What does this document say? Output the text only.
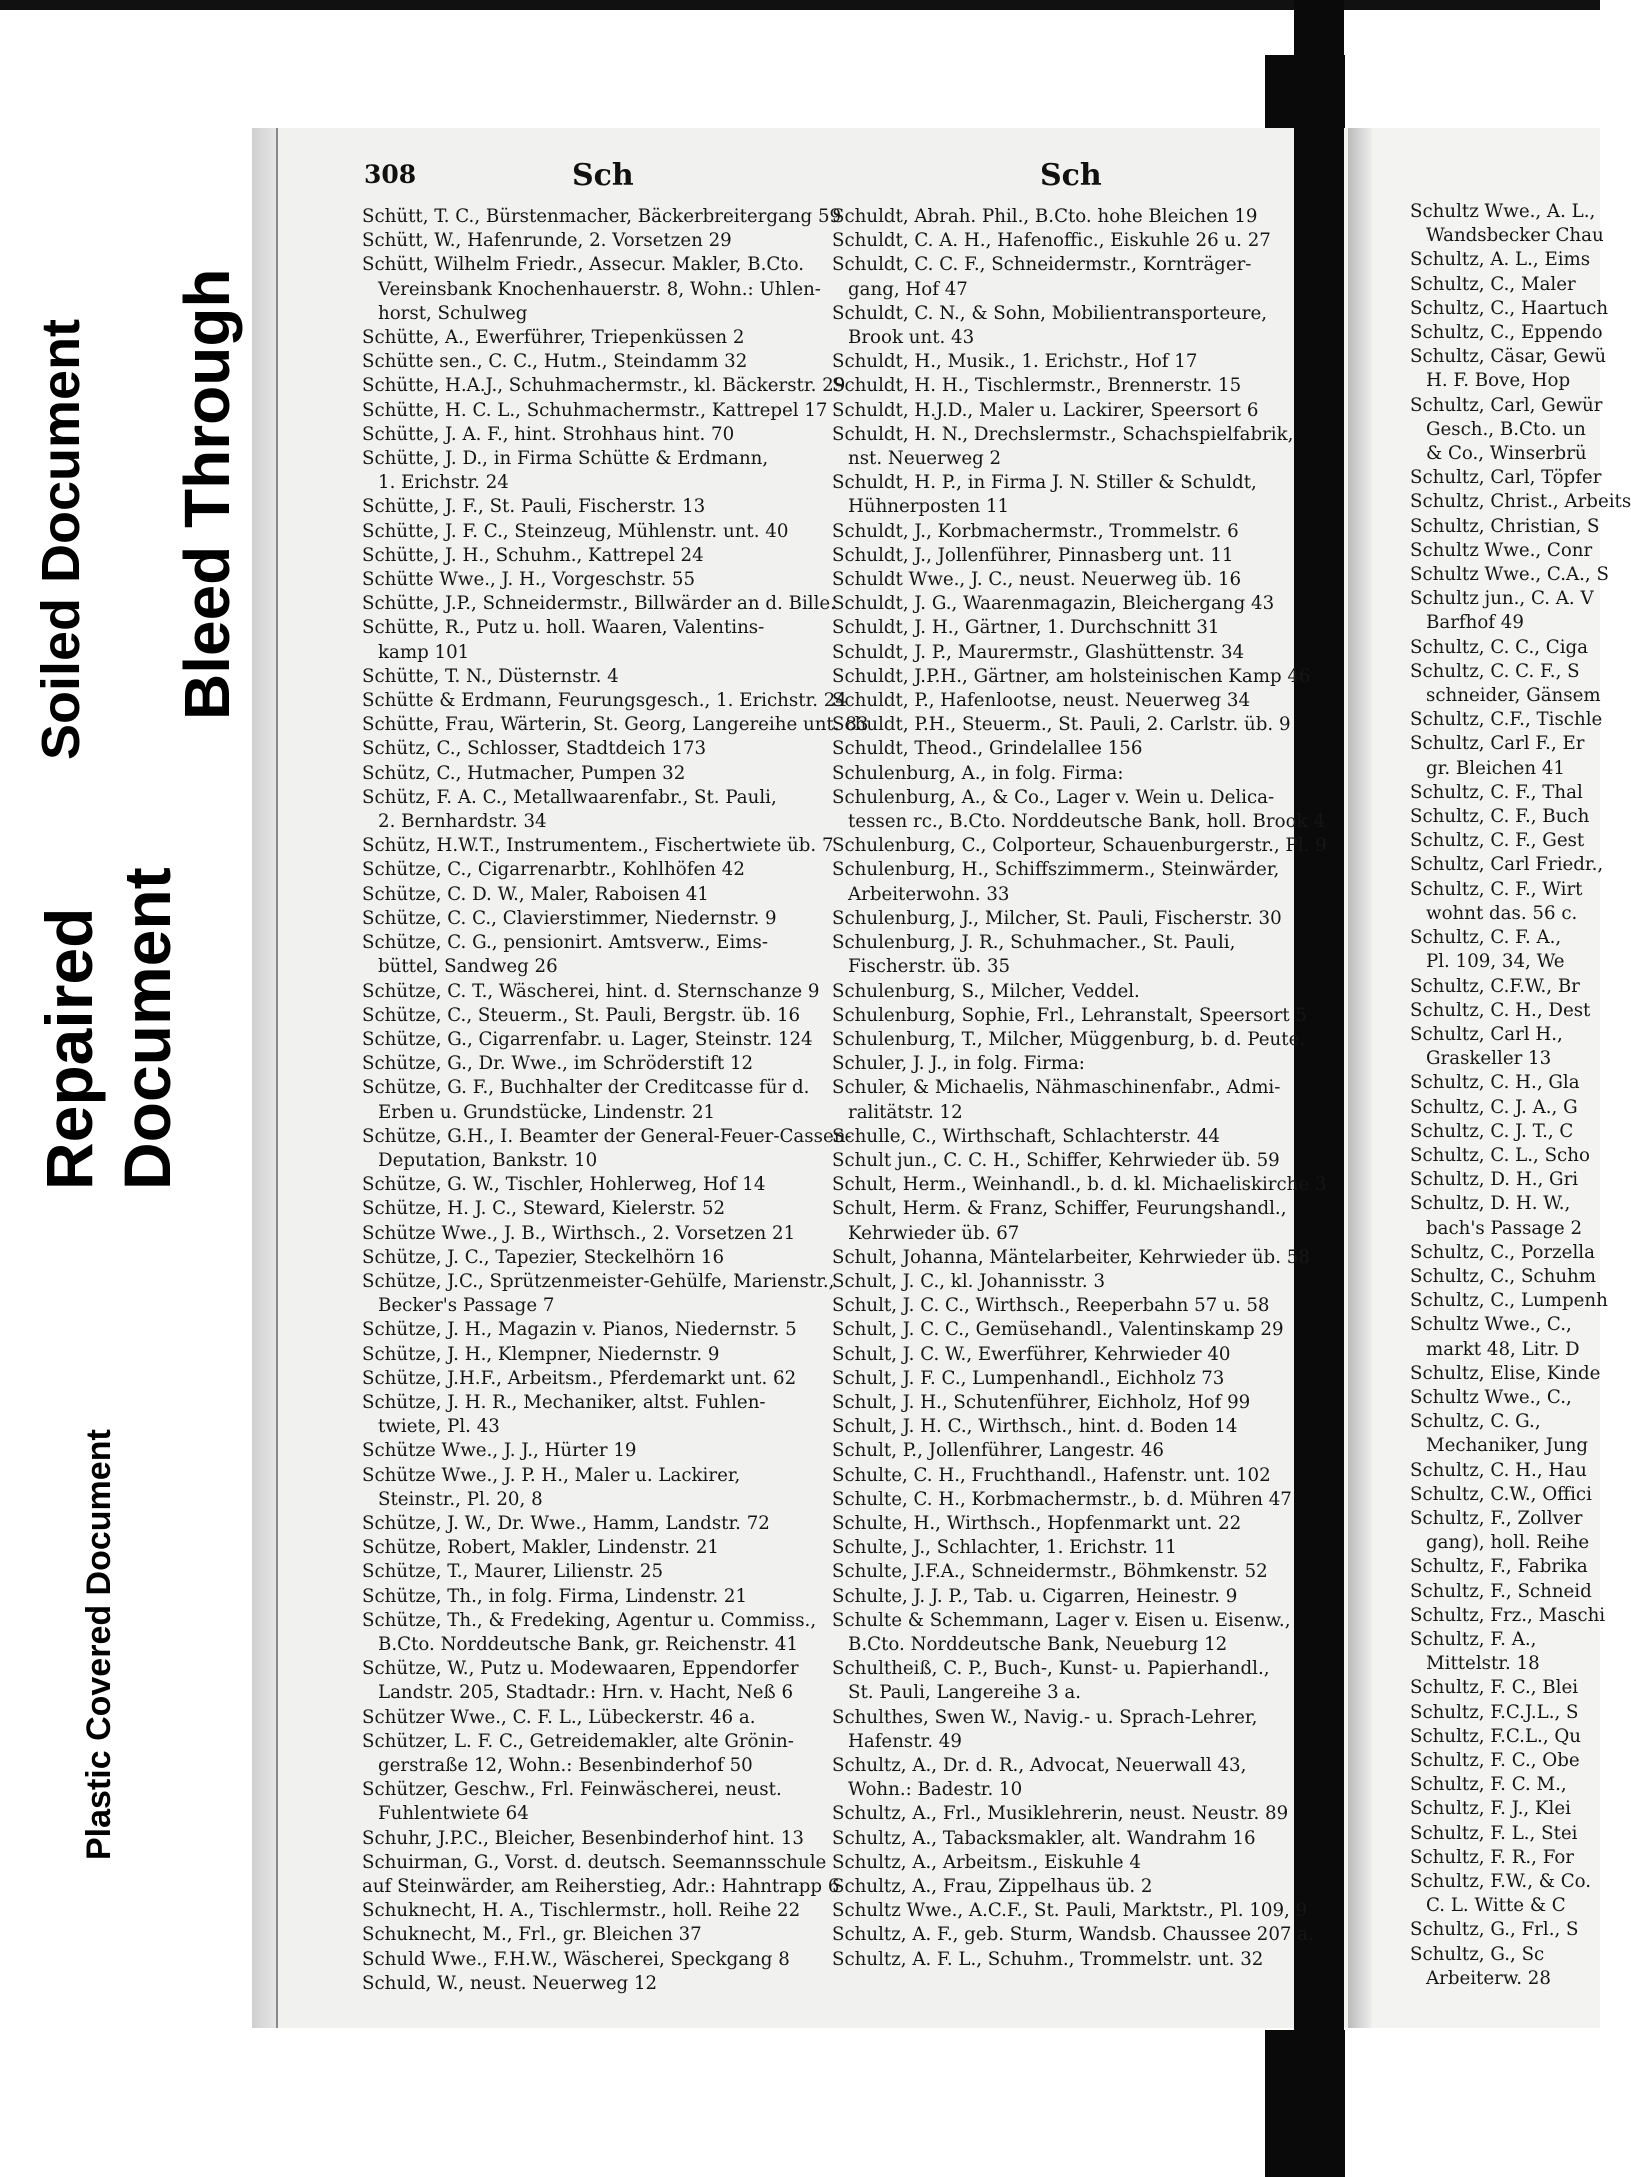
Soiled Document Bleed Through
Repaired Document
Plastic Covered Document
308	Sch	Sch
Schütt, T. C., Bürstenmacher, Bäckerbreitergang 59
Schütt, W., Hafenrunde, 2. Vorsetzen 29
Schütt, Wilhelm Friedr., Assecur. Makler, B.Cto.
Vereinsbank Knochenhauerstr. 8, Wohn.: Uhlen-
horst, Schulweg
Schütte, A., Ewerführer, Triepenküssen 2
Schütte sen., C. C., Hutm., Steindamm 32
Schütte, H.A.J., Schuhmachermstr., kl. Bäckerstr. 29
Schütte, H. C. L., Schuhmachermstr., Kattrepel 17
Schütte, J. A. F., hint. Strohhaus hint. 70
Schütte, J. D., in Firma Schütte & Erdmann,
1. Erichstr. 24
Schütte, J. F., St. Pauli, Fischerstr. 13
Schütte, J. F. C., Steinzeug, Mühlenstr. unt. 40
Schütte, J. H., Schuhm., Kattrepel 24
Schütte Wwe., J. H., Vorgeschstr. 55
Schütte, J.P., Schneidermstr., Billwärder an d. Bille.
Schütte, R., Putz u. holl. Waaren, Valentins-
kamp 101
Schütte, T. N., Düsternstr. 4
Schütte & Erdmann, Feurungsgesch., 1. Erichstr. 24
Schütte, Frau, Wärterin, St. Georg, Langereihe unt. 83
Schütz, C., Schlosser, Stadtdeich 173
Schütz, C., Hutmacher, Pumpen 32
Schütz, F. A. C., Metallwaarenfabr., St. Pauli,
2. Bernhardstr. 34
Schütz, H.W.T., Instrumentem., Fischertwiete üb. 7
Schütze, C., Cigarrenarbtr., Kohlhöfen 42
Schütze, C. D. W., Maler, Raboisen 41
Schütze, C. C., Clavierstimmer, Niedernstr. 9
Schütze, C. G., pensionirt. Amtsverw., Eims-
büttel, Sandweg 26
Schütze, C. T., Wäscherei, hint. d. Sternschanze 9
Schütze, C., Steuerm., St. Pauli, Bergstr. üb. 16
Schütze, G., Cigarrenfabr. u. Lager, Steinstr. 124
Schütze, G., Dr. Wwe., im Schröderstift 12
Schütze, G. F., Buchhalter der Creditcasse für d.
Erben u. Grundstücke, Lindenstr. 21
Schütze, G.H., I. Beamter der General-Feuer-Cassen-
Deputation, Bankstr. 10
Schütze, G. W., Tischler, Hohlerweg, Hof 14
Schütze, H. J. C., Steward, Kielerstr. 52
Schütze Wwe., J. B., Wirthsch., 2. Vorsetzen 21
Schütze, J. C., Tapezier, Steckelhörn 16
Schütze, J.C., Sprützenmeister-Gehülfe, Marienstr.,
Becker's Passage 7
Schütze, J. H., Magazin v. Pianos, Niedernstr. 5
Schütze, J. H., Klempner, Niedernstr. 9
Schütze, J.H.F., Arbeitsm., Pferdemarkt unt. 62
Schütze, J. H. R., Mechaniker, altst. Fuhlen-
twiete, Pl. 43
Schütze Wwe., J. J., Hürter 19
Schütze Wwe., J. P. H., Maler u. Lackirer,
Steinstr., Pl. 20, 8
Schütze, J. W., Dr. Wwe., Hamm, Landstr. 72
Schütze, Robert, Makler, Lindenstr. 21
Schütze, T., Maurer, Lilienstr. 25
Schütze, Th., in folg. Firma, Lindenstr. 21
Schütze, Th., & Fredeking, Agentur u. Commiss.,
B.Cto. Norddeutsche Bank, gr. Reichenstr. 41
Schütze, W., Putz u. Modewaaren, Eppendorfer
Landstr. 205, Stadtadr.: Hrn. v. Hacht, Neß 6
Schützer Wwe., C. F. L., Lübeckerstr. 46 a.
Schützer, L. F. C., Getreidemakler, alte Grönin-
gerstraße 12, Wohn.: Besenbinderhof 50
Schützer, Geschw., Frl. Feinwäscherei, neust.
Fuhlentwiete 64
Schuhr, J.P.C., Bleicher, Besenbinderhof hint. 13
Schuirman, G., Vorst. d. deutsch. Seemannsschule
auf Steinwärder, am Reiherstieg, Adr.: Hahntrapp 6
Schuknecht, H. A., Tischlermstr., holl. Reihe 22
Schuknecht, M., Frl., gr. Bleichen 37
Schuld Wwe., F.H.W., Wäscherei, Speckgang 8
Schuld, W., neust. Neuerweg 12
Schuldt, Abrah. Phil., B.Cto. hohe Bleichen 19
Schuldt, C. A. H., Hafenoffic., Eiskuhle 26 u. 27
Schuldt, C. C. F., Schneidermstr., Kornträger-
gang, Hof 47
Schuldt, C. N., & Sohn, Mobilientransporteure,
Brook unt. 43
Schuldt, H., Musik., 1. Erichstr., Hof 17
Schuldt, H. H., Tischlermstr., Brennerstr. 15
Schuldt, H.J.D., Maler u. Lackirer, Speersort 6
Schuldt, H. N., Drechslermstr., Schachspielfabrik,
nst. Neuerweg 2
Schuldt, H. P., in Firma J. N. Stiller & Schuldt,
Hühnerposten 11
Schuldt, J., Korbmachermstr., Trommelstr. 6
Schuldt, J., Jollenführer, Pinnasberg unt. 11
Schuldt Wwe., J. C., neust. Neuerweg üb. 16
Schuldt, J. G., Waarenmagazin, Bleichergang 43
Schuldt, J. H., Gärtner, 1. Durchschnitt 31
Schuldt, J. P., Maurermstr., Glashüttenstr. 34
Schuldt, J.P.H., Gärtner, am holsteinischen Kamp 46
Schuldt, P., Hafenlootse, neust. Neuerweg 34
Schuldt, P.H., Steuerm., St. Pauli, 2. Carlstr. üb. 9
Schuldt, Theod., Grindelallee 156
Schulenburg, A., in folg. Firma:
Schulenburg, A., & Co., Lager v. Wein u. Delica-
tessen rc., B.Cto. Norddeutsche Bank, holl. Brook 4
Schulenburg, C., Colporteur, Schauenburgerstr., Pl. 9
Schulenburg, H., Schiffszimmerm., Steinwärder,
Arbeiterwohn. 33
Schulenburg, J., Milcher, St. Pauli, Fischerstr. 30
Schulenburg, J. R., Schuhmacher., St. Pauli,
Fischerstr. üb. 35
Schulenburg, S., Milcher, Veddel.
Schulenburg, Sophie, Frl., Lehranstalt, Speersort 5
Schulenburg, T., Milcher, Müggenburg, b. d. Peute.
Schuler, J. J., in folg. Firma:
Schuler, & Michaelis, Nähmaschinenfabr., Admi-
ralitätstr. 12
Schulle, C., Wirthschaft, Schlachterstr. 44
Schult jun., C. C. H., Schiffer, Kehrwieder üb. 59
Schult, Herm., Weinhandl., b. d. kl. Michaeliskirche 3
Schult, Herm. & Franz, Schiffer, Feurungshandl.,
Kehrwieder üb. 67
Schult, Johanna, Mäntelarbeiter, Kehrwieder üb. 58
Schult, J. C., kl. Johannisstr. 3
Schult, J. C. C., Wirthsch., Reeperbahn 57 u. 58
Schult, J. C. C., Gemüsehandl., Valentinskamp 29
Schult, J. C. W., Ewerführer, Kehrwieder 40
Schult, J. F. C., Lumpenhandl., Eichholz 73
Schult, J. H., Schutenführer, Eichholz, Hof 99
Schult, J. H. C., Wirthsch., hint. d. Boden 14
Schult, P., Jollenführer, Langestr. 46
Schulte, C. H., Fruchthandl., Hafenstr. unt. 102
Schulte, C. H., Korbmachermstr., b. d. Mühren 47
Schulte, H., Wirthsch., Hopfenmarkt unt. 22
Schulte, J., Schlachter, 1. Erichstr. 11
Schulte, J.F.A., Schneidermstr., Böhmkenstr. 52
Schulte, J. J. P., Tab. u. Cigarren, Heinestr. 9
Schulte & Schemmann, Lager v. Eisen u. Eisenw.,
B.Cto. Norddeutsche Bank, Neueburg 12
Schultheiß, C. P., Buch-, Kunst- u. Papierhandl.,
St. Pauli, Langereihe 3 a.
Schulthes, Swen W., Navig.- u. Sprach-Lehrer,
Hafenstr. 49
Schultz, A., Dr. d. R., Advocat, Neuerwall 43,
Wohn.: Badestr. 10
Schultz, A., Frl., Musiklehrerin, neust. Neustr. 89
Schultz, A., Tabacksmakler, alt. Wandrahm 16
Schultz, A., Arbeitsm., Eiskuhle 4
Schultz, A., Frau, Zippelhaus üb. 2
Schultz Wwe., A.C.F., St. Pauli, Marktstr., Pl. 109, 9
Schultz, A. F., geb. Sturm, Wandsb. Chaussee 207 a.
Schultz, A. F. L., Schuhm., Trommelstr. unt. 32
Schultz Wwe., A. L.,
Wandsbecker Chau
Schultz, A. L., Eims
Schultz, C., Maler
Schultz, C., Haartuch
Schultz, C., Eppendo
Schultz, Cäsar, Gewü
H. F. Bove, Hop
Schultz, Carl, Gewür
Gesch., B.Cto. un
& Co., Winserbrü
Schultz, Carl, Töpfer
Schultz, Christ., Arbeits
Schultz, Christian, S
Schultz Wwe., Conr
Schultz Wwe., C.A., S
Schultz jun., C. A. V
Barfhof 49
Schultz, C. C., Ciga
Schultz, C. C. F., S
schneider, Gänsem
Schultz, C.F., Tischle
Schultz, Carl F., Er
gr. Bleichen 41
Schultz, C. F., Thal
Schultz, C. F., Buch
Schultz, C. F., Gest
Schultz, Carl Friedr.,
Schultz, C. F., Wirt
wohnt das. 56 c.
Schultz, C. F. A.,
Pl. 109, 34, We
Schultz, C.F.W., Br
Schultz, C. H., Dest
Schultz, Carl H.,
Graskeller 13
Schultz, C. H., Gla
Schultz, C. J. A., G
Schultz, C. J. T., C
Schultz, C. L., Scho
Schultz, D. H., Gri
Schultz, D. H. W.,
bach's Passage 2
Schultz, C., Porzella
Schultz, C., Schuhm
Schultz, C., Lumpenh
Schultz Wwe., C.,
markt 48, Litr. D
Schultz, Elise, Kinde
Schultz Wwe., C.,
Schultz, C. G.,
Mechaniker, Jung
Schultz, C. H., Hau
Schultz, C.W., Offici
Schultz, F., Zollver
gang), holl. Reihe
Schultz, F., Fabrika
Schultz, F., Schneid
Schultz, Frz., Maschi
Schultz, F. A.,
Mittelstr. 18
Schultz, F. C., Blei
Schultz, F.C.J.L., S
Schultz, F.C.L., Qu
Schultz, F. C., Obe
Schultz, F. C. M.,
Schultz, F. J., Klei
Schultz, F. L., Stei
Schultz, F. R., For
Schultz, F.W., & Co.
C. L. Witte & C
Schultz, G., Frl., S
Schultz, G., Sc
Arbeiterw. 28
